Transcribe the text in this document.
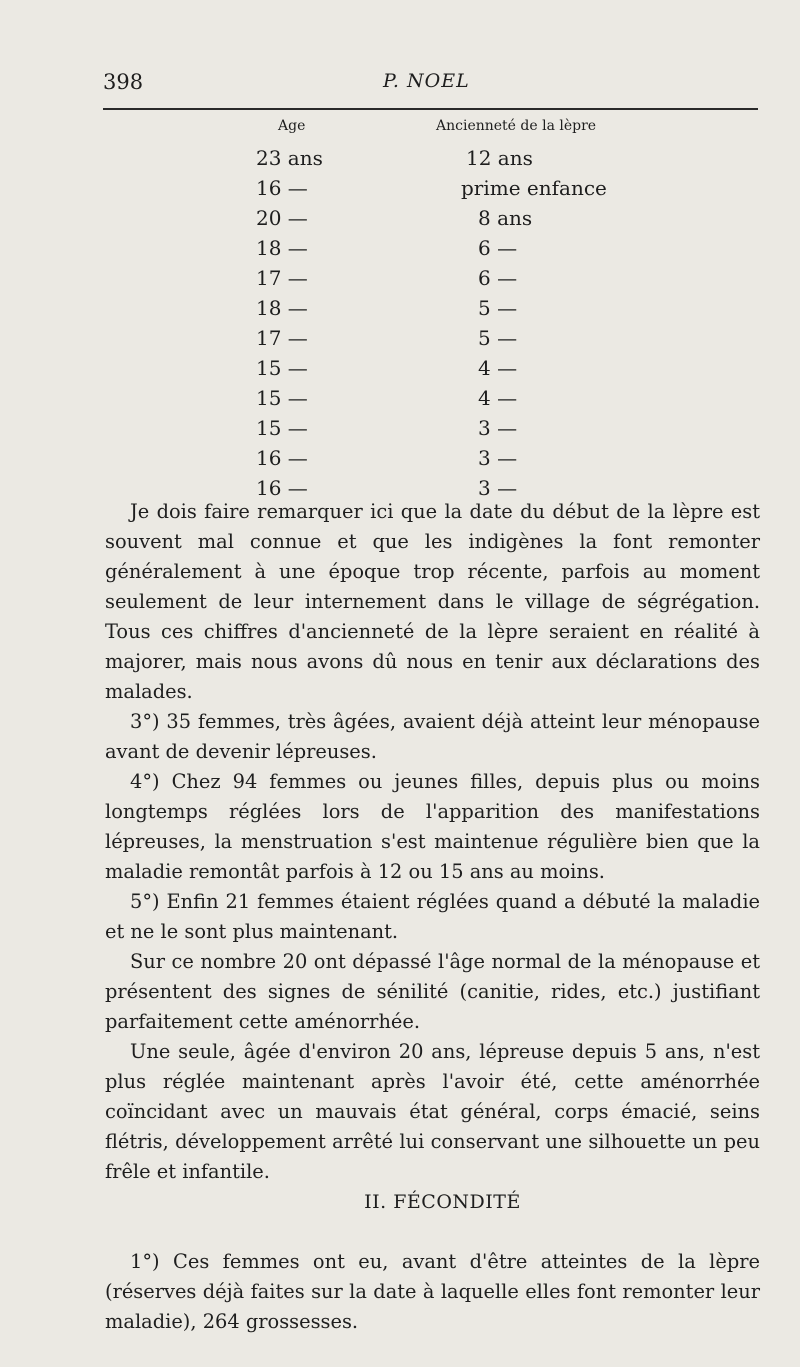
398	P. NOEL
Age	Ancienneté de la lèpre
23 ans	12 ans
16 —	prime enfance
20 —	8 ans
18 —	6 —
17 —	6 —
18 —	5 —
17 —	5 —
15 —	4 —
15 —	4 —
15 —	3 —
16 —	3 —
16 —	3 —

Je dois faire remarquer ici que la date du début de la lèpre est souvent mal connue et que les indigènes la font remonter généralement à une époque trop récente, parfois au moment seulement de leur internement dans le village de ségrégation. Tous ces chiffres d'ancienneté de la lèpre seraient en réalité à majorer, mais nous avons dû nous en tenir aux déclarations des malades.

3°) 35 femmes, très âgées, avaient déjà atteint leur ménopause avant de devenir lépreuses.

4°) Chez 94 femmes ou jeunes filles, depuis plus ou moins longtemps réglées lors de l'apparition des manifestations lépreuses, la menstruation s'est maintenue régulière bien que la maladie remontât parfois à 12 ou 15 ans au moins.

5°) Enfin 21 femmes étaient réglées quand a débuté la maladie et ne le sont plus maintenant.

Sur ce nombre 20 ont dépassé l'âge normal de la ménopause et présentent des signes de sénilité (canitie, rides, etc.) justifiant parfaitement cette aménorrhée.

Une seule, âgée d'environ 20 ans, lépreuse depuis 5 ans, n'est plus réglée maintenant après l'avoir été, cette aménorrhée coïncidant avec un mauvais état général, corps émacié, seins flétris, développement arrêté lui conservant une silhouette un peu frêle et infantile.

II. FÉCONDITÉ

1°) Ces femmes ont eu, avant d'être atteintes de la lèpre (réserves déjà faites sur la date à laquelle elles font remonter leur maladie), 264 grossesses.
